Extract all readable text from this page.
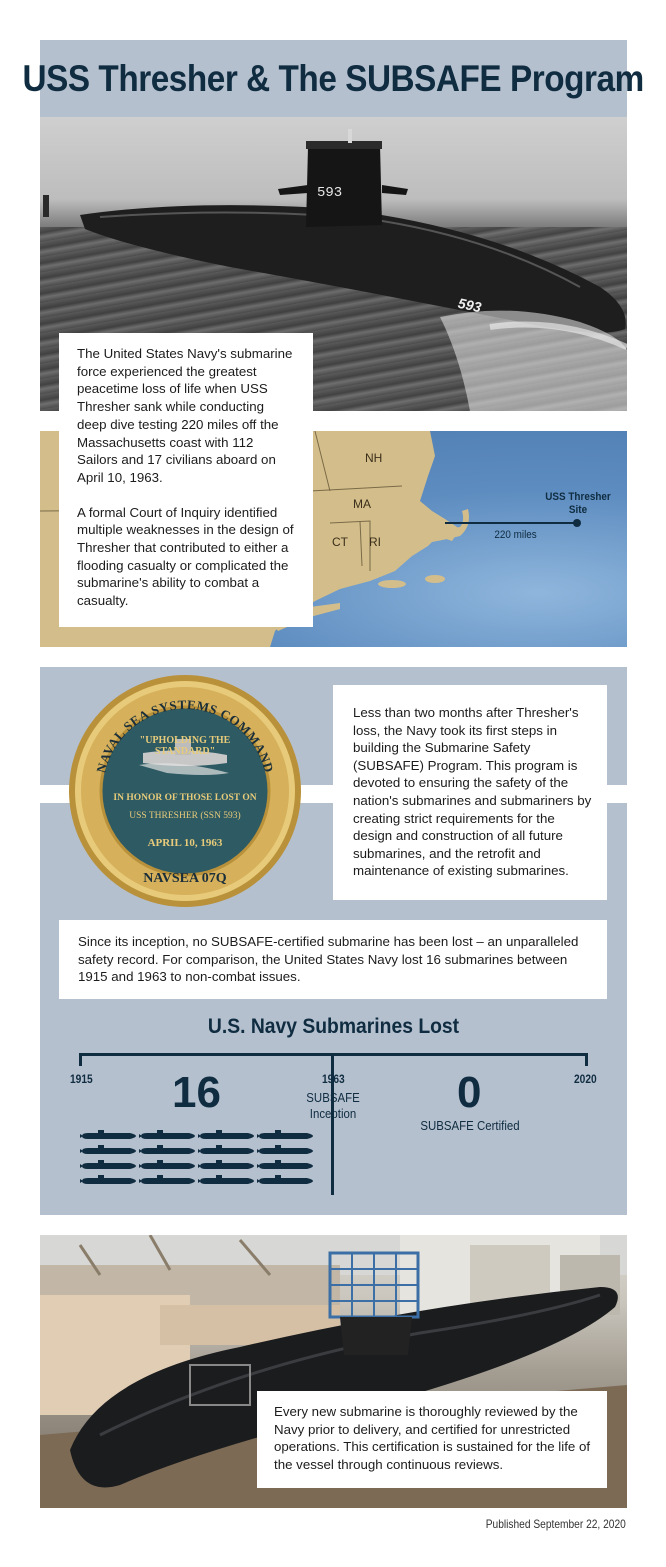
USS Thresher & The SUBSAFE Program
593
593
NH
MA
CT RI
USS Thresher
Site
220 miles

The United States Navy's submarine force experienced the greatest peacetime loss of life when USS Thresher sank while conducting deep dive testing 220 miles off the Massachusetts coast with 112 Sailors and 17 civilians aboard on April 10, 1963.

A formal Court of Inquiry identified multiple weaknesses in the design of Thresher that contributed to either a flooding casualty or complicated the submarine's ability to combat a casualty.

NAVAL SEA SYSTEMS COMMAND
"UPHOLDING THE STANDARD"
IN HONOR OF THOSE LOST ON
USS THRESHER (SSN 593)
APRIL 10, 1963
NAVSEA 07Q

Less than two months after Thresher's loss, the Navy took its first steps in building the Submarine Safety (SUBSAFE) Program. This program is devoted to ensuring the safety of the nation's submarines and submariners by creating strict requirements for the design and construction of all future submarines, and the retrofit and maintenance of existing submarines.

Since its inception, no SUBSAFE-certified submarine has been lost – an unparalleled safety record. For comparison, the United States Navy lost 16 submarines between 1915 and 1963 to non-combat issues.

U.S. Navy Submarines Lost
1915	1963	2020
16	0
SUBSAFE
Inception
SUBSAFE Certified

Every new submarine is thoroughly reviewed by the Navy prior to delivery, and certified for unrestricted operations. This certification is sustained for the life of the vessel through continuous reviews.

Published September 22, 2020
